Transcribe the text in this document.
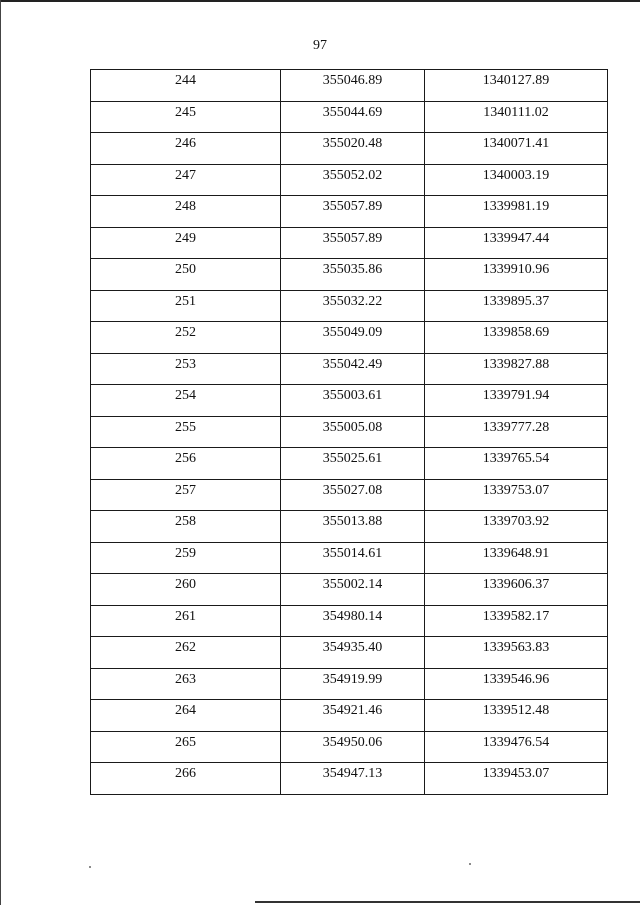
97
244	355046.89	1340127.89

245	355044.69	1340111.02

246	355020.48	1340071.41

247	355052.02	1340003.19

248	355057.89	1339981.19

249	355057.89	1339947.44

250	355035.86	1339910.96

251	355032.22	1339895.37

252	355049.09	1339858.69

253	355042.49	1339827.88

254	355003.61	1339791.94

255	355005.08	1339777.28

256	355025.61	1339765.54

257	355027.08	1339753.07

258	355013.88	1339703.92

259	355014.61	1339648.91

260	355002.14	1339606.37

261	354980.14	1339582.17

262	354935.40	1339563.83

263	354919.99	1339546.96

264	354921.46	1339512.48

265	354950.06	1339476.54

266	354947.13	1339453.07
